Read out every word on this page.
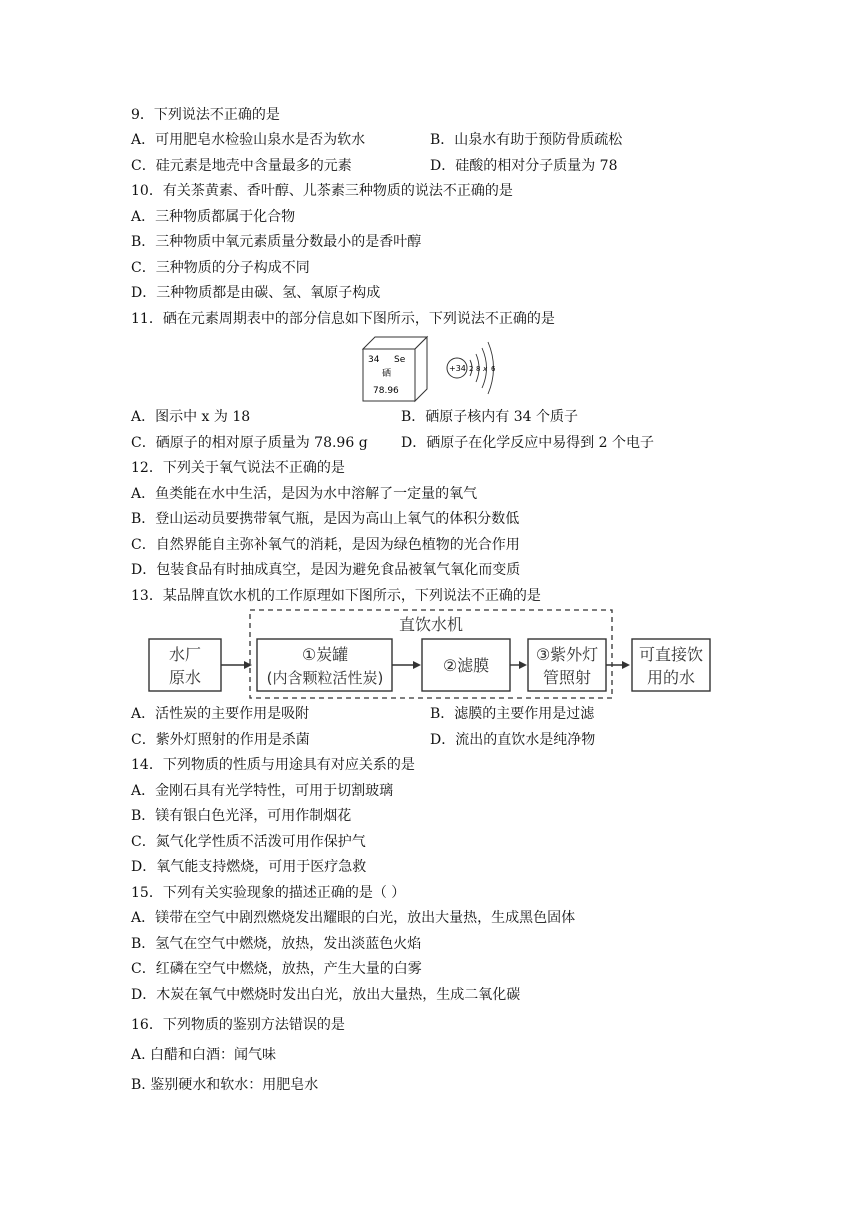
9．下列说法不正确的是
A．可用肥皂水检验山泉水是否为软水	B．山泉水有助于预防骨质疏松
C．硅元素是地壳中含量最多的元素	D．硅酸的相对分子质量为 78
10．有关茶黄素、香叶醇、儿茶素三种物质的说法不正确的是
A．三种物质都属于化合物
B．三种物质中氧元素质量分数最小的是香叶醇
C．三种物质的分子构成不同
D．三种物质都是由碳、氢、氧原子构成
11．硒在元素周期表中的部分信息如下图所示，下列说法不正确的是
34 Se
硒
78.96
+34 2 8 x 6
A．图示中 x 为 18	B．硒原子核内有 34 个质子
C．硒原子的相对原子质量为 78.96 g D．硒原子在化学反应中易得到 2 个电子
12．下列关于氧气说法不正确的是
A．鱼类能在水中生活，是因为水中溶解了一定量的氧气
B．登山运动员要携带氧气瓶，是因为高山上氧气的体积分数低
C．自然界能自主弥补氧气的消耗，是因为绿色植物的光合作用
D．包装食品有时抽成真空，是因为避免食品被氧气氧化而变质
13．某品牌直饮水机的工作原理如下图所示，下列说法不正确的是
直饮水机
水厂
原水
①炭罐
(内含颗粒活性炭)
②滤膜
③紫外灯
管照射
可直接饮
用的水
A．活性炭的主要作用是吸附	B．滤膜的主要作用是过滤
C．紫外灯照射的作用是杀菌	D．流出的直饮水是纯净物
14．下列物质的性质与用途具有对应关系的是
A．金刚石具有光学特性，可用于切割玻璃
B．镁有银白色光泽，可用作制烟花
C．氮气化学性质不活泼可用作保护气
D．氧气能支持燃烧，可用于医疗急救
15．下列有关实验现象的描述正确的是（ ）
A．镁带在空气中剧烈燃烧发出耀眼的白光，放出大量热，生成黑色固体
B．氢气在空气中燃烧，放热，发出淡蓝色火焰
C．红磷在空气中燃烧，放热，产生大量的白雾
D．木炭在氧气中燃烧时发出白光，放出大量热，生成二氧化碳
16．下列物质的鉴别方法错误的是
A. 白醋和白酒：闻气味
B. 鉴别硬水和软水：用肥皂水
